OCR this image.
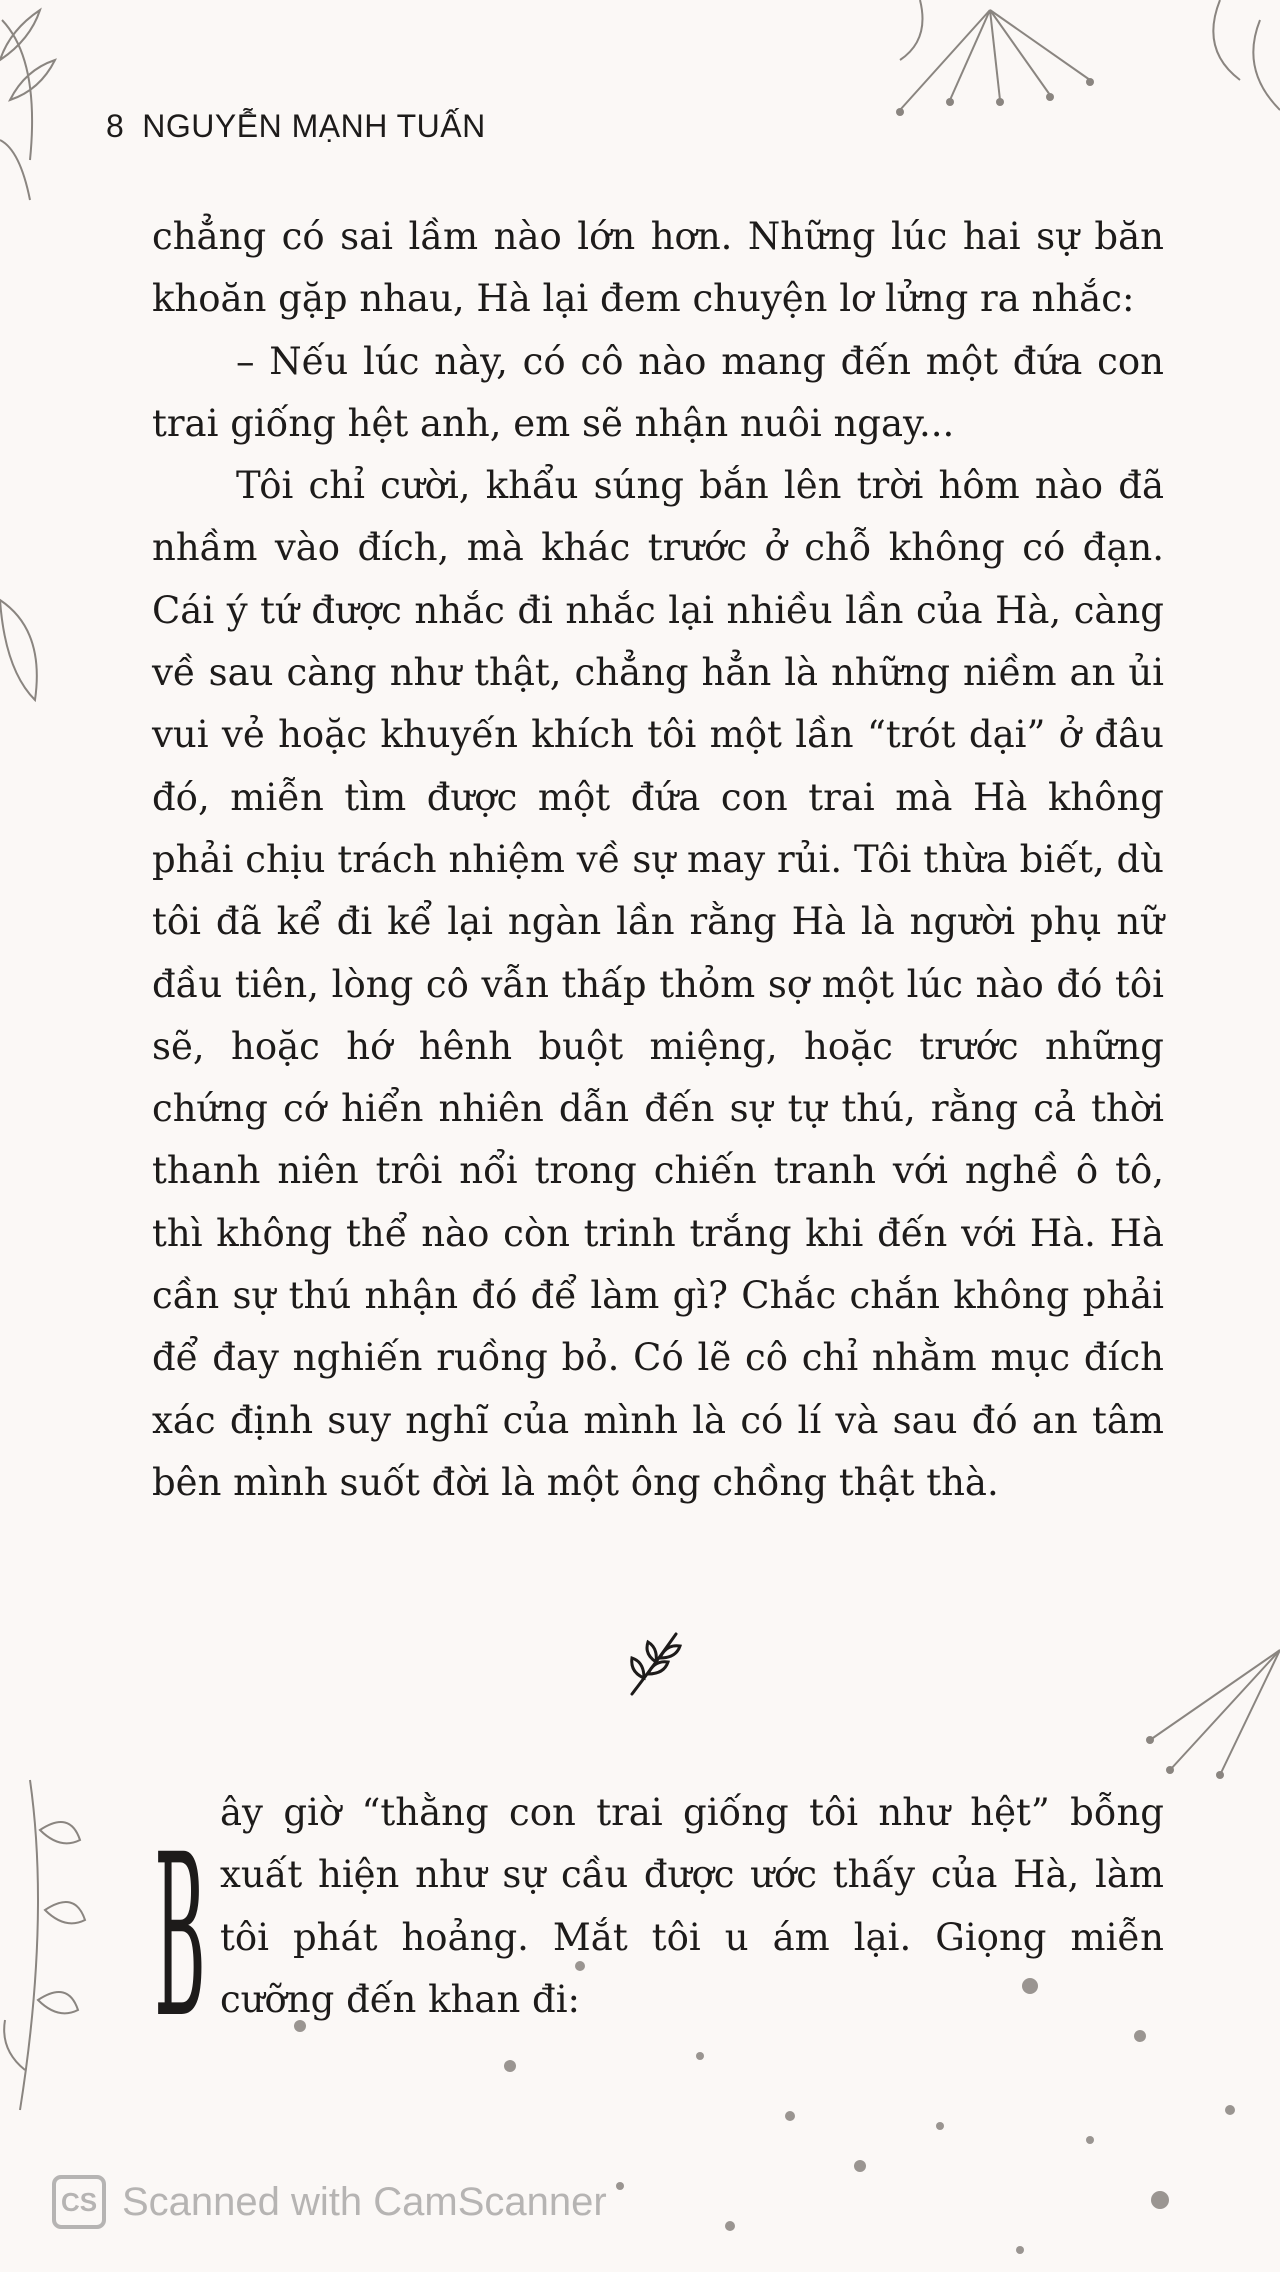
8 NGUYỄN MẠNH TUẤN

chẳng có sai lầm nào lớn hơn. Những lúc hai sự băn khoăn gặp nhau, Hà lại đem chuyện lơ lửng ra nhắc:

– Nếu lúc này, có cô nào mang đến một đứa con trai giống hệt anh, em sẽ nhận nuôi ngay...

Tôi chỉ cười, khẩu súng bắn lên trời hôm nào đã nhầm vào đích, mà khác trước ở chỗ không có đạn. Cái ý tứ được nhắc đi nhắc lại nhiều lần của Hà, càng về sau càng như thật, chẳng hẳn là những niềm an ủi vui vẻ hoặc khuyến khích tôi một lần “trót dại” ở đâu đó, miễn tìm được một đứa con trai mà Hà không phải chịu trách nhiệm về sự may rủi. Tôi thừa biết, dù tôi đã kể đi kể lại ngàn lần rằng Hà là người phụ nữ đầu tiên, lòng cô vẫn thấp thỏm sợ một lúc nào đó tôi sẽ, hoặc hớ hênh buột miệng, hoặc trước những chứng cớ hiển nhiên dẫn đến sự tự thú, rằng cả thời thanh niên trôi nổi trong chiến tranh với nghề ô tô, thì không thể nào còn trinh trắng khi đến với Hà. Hà cần sự thú nhận đó để làm gì? Chắc chắn không phải để đay nghiến ruồng bỏ. Có lẽ cô chỉ nhằm mục đích xác định suy nghĩ của mình là có lí và sau đó an tâm bên mình suốt đời là một ông chồng thật thà.

B ây giờ “thằng con trai giống tôi như hệt” bỗng xuất hiện như sự cầu được ước thấy của Hà, làm tôi phát hoảng. Mắt tôi u ám lại. Giọng miễn cưỡng đến khan đi:

CS Scanned with CamScanner
